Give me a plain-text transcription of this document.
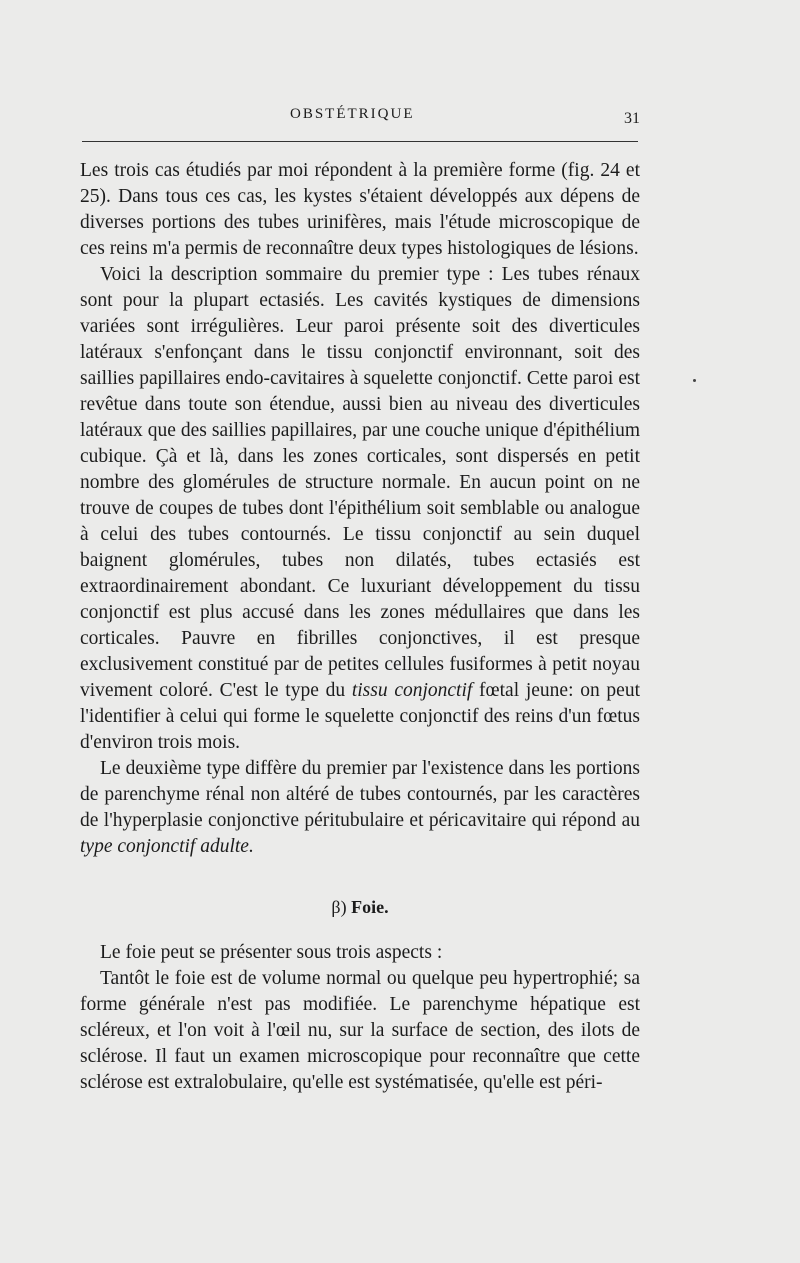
OBSTÉTRIQUE	31

Les trois cas étudiés par moi répondent à la première forme (fig. 24 et 25). Dans tous ces cas, les kystes s'étaient développés aux dépens de diverses portions des tubes urinifères, mais l'étude microscopique de ces reins m'a permis de reconnaître deux types histologiques de lésions.

Voici la description sommaire du premier type : Les tubes rénaux sont pour la plupart ectasiés. Les cavités kystiques de dimensions variées sont irrégulières. Leur paroi présente soit des diverticules latéraux s'enfonçant dans le tissu conjonctif environnant, soit des saillies papillaires endo-cavitaires à squelette conjonctif. Cette paroi est revêtue dans toute son étendue, aussi bien au niveau des diverticules latéraux que des saillies papillaires, par une couche unique d'épithélium cubique. Çà et là, dans les zones corticales, sont dispersés en petit nombre des glomérules de structure normale. En aucun point on ne trouve de coupes de tubes dont l'épithélium soit semblable ou analogue à celui des tubes contournés. Le tissu conjonctif au sein duquel baignent glomérules, tubes non dilatés, tubes ectasiés est extraordinairement abondant. Ce luxuriant développement du tissu conjonctif est plus accusé dans les zones médullaires que dans les corticales. Pauvre en fibrilles conjonctives, il est presque exclusivement constitué par de petites cellules fusiformes à petit noyau vivement coloré. C'est le type du tissu conjonctif fœtal jeune: on peut l'identifier à celui qui forme le squelette conjonctif des reins d'un fœtus d'environ trois mois.

Le deuxième type diffère du premier par l'existence dans les portions de parenchyme rénal non altéré de tubes contournés, par les caractères de l'hyperplasie conjonctive péritubulaire et péricavitaire qui répond au type conjonctif adulte.

β) Foie.

Le foie peut se présenter sous trois aspects :

Tantôt le foie est de volume normal ou quelque peu hypertrophié; sa forme générale n'est pas modifiée. Le parenchyme hépatique est scléreux, et l'on voit à l'œil nu, sur la surface de section, des ilots de sclérose. Il faut un examen microscopique pour reconnaître que cette sclérose est extralobulaire, qu'elle est systématisée, qu'elle est péri-
